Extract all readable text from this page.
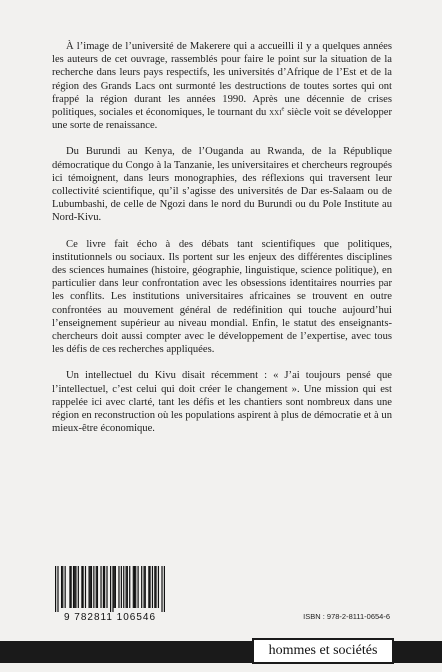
À l’image de l’université de Makerere qui a accueilli il y a quelques années les auteurs de cet ouvrage, rassemblés pour faire le point sur la situation de la recherche dans leurs pays respectifs, les universités d’Afrique de l’Est et de la région des Grands Lacs ont surmonté les destructions de toutes sortes qui ont frappé la région durant les années 1990. Après une décennie de crises politiques, sociales et économiques, le tournant du xxi$^e$ siècle voit se développer une sorte de renaissance.

Du Burundi au Kenya, de l’Ouganda au Rwanda, de la République démocratique du Congo à la Tanzanie, les universitaires et chercheurs regroupés ici témoignent, dans leurs monographies, des réflexions qui traversent leur collectivité scientifique, qu’il s’agisse des universités de Dar es-Salaam ou de Lubumbashi, de celle de Ngozi dans le nord du Burundi ou du Pole Institute au Nord-Kivu.

Ce livre fait écho à des débats tant scientifiques que politiques, institutionnels ou sociaux. Ils portent sur les enjeux des différentes disciplines des sciences humaines (histoire, géographie, linguistique, science politique), en particulier dans leur confrontation avec les obsessions identitaires nourries par les conflits. Les institutions universitaires africaines se trouvent en outre confrontées au mouvement général de redéfinition qui touche aujourd’hui l’enseignement supérieur au niveau mondial. Enfin, le statut des enseignants-chercheurs doit aussi compter avec le développement de l’expertise, avec tous les défis de ces recherches appliquées.

Un intellectuel du Kivu disait récemment : « J’ai toujours pensé que l’intellectuel, c’est celui qui doit créer le changement ». Une mission qui est rappelée ici avec clarté, tant les défis et les chantiers sont nombreux dans une région en reconstruction où les populations aspirent à plus de démocratie et à un mieux-être économique.

9 782811 106546	ISBN : 978-2-8111-0654-6
hommes et sociétés
